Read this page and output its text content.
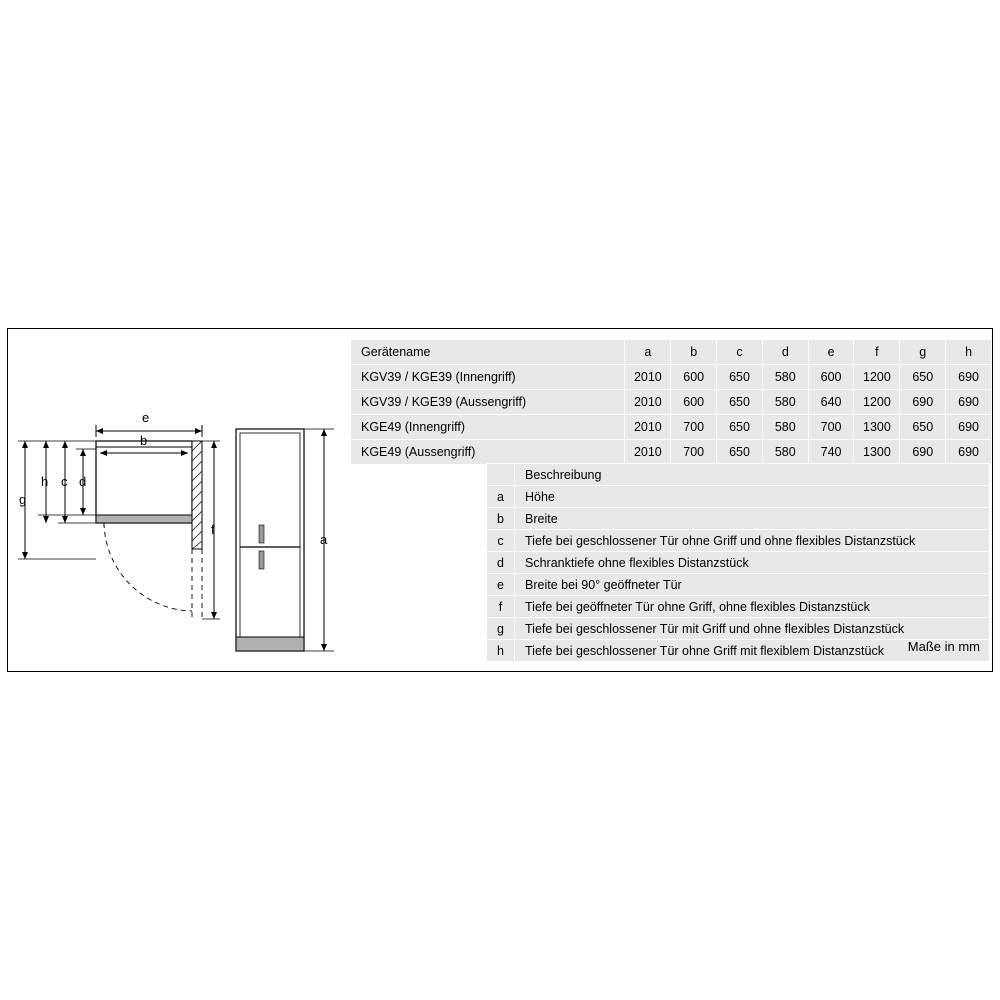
e
b
g
h c d
f
a
Gerätename	a	b	c	d	e	f	g	h
KGV39 / KGE39 (Innengriff)	2010	600	650	580	600	1200	650	690
KGV39 / KGE39 (Aussengriff)	2010	600	650	580	640	1200	690	690
KGE49 (Innengriff)	2010	700	650	580	700	1300	650	690
KGE49 (Aussengriff)	2010	700	650	580	740	1300	690	690
	Beschreibung
a	Höhe
b	Breite
c	Tiefe bei geschlossener Tür ohne Griff und ohne flexibles Distanzstück
d	Schranktiefe ohne flexibles Distanzstück
e	Breite bei 90° geöffneter Tür
f	Tiefe bei geöffneter Tür ohne Griff, ohne flexibles Distanzstück
g	Tiefe bei geschlossener Tür mit Griff und ohne flexibles Distanzstück
h	Tiefe bei geschlossener Tür ohne Griff mit flexiblem Distanzstück Maße in mm
